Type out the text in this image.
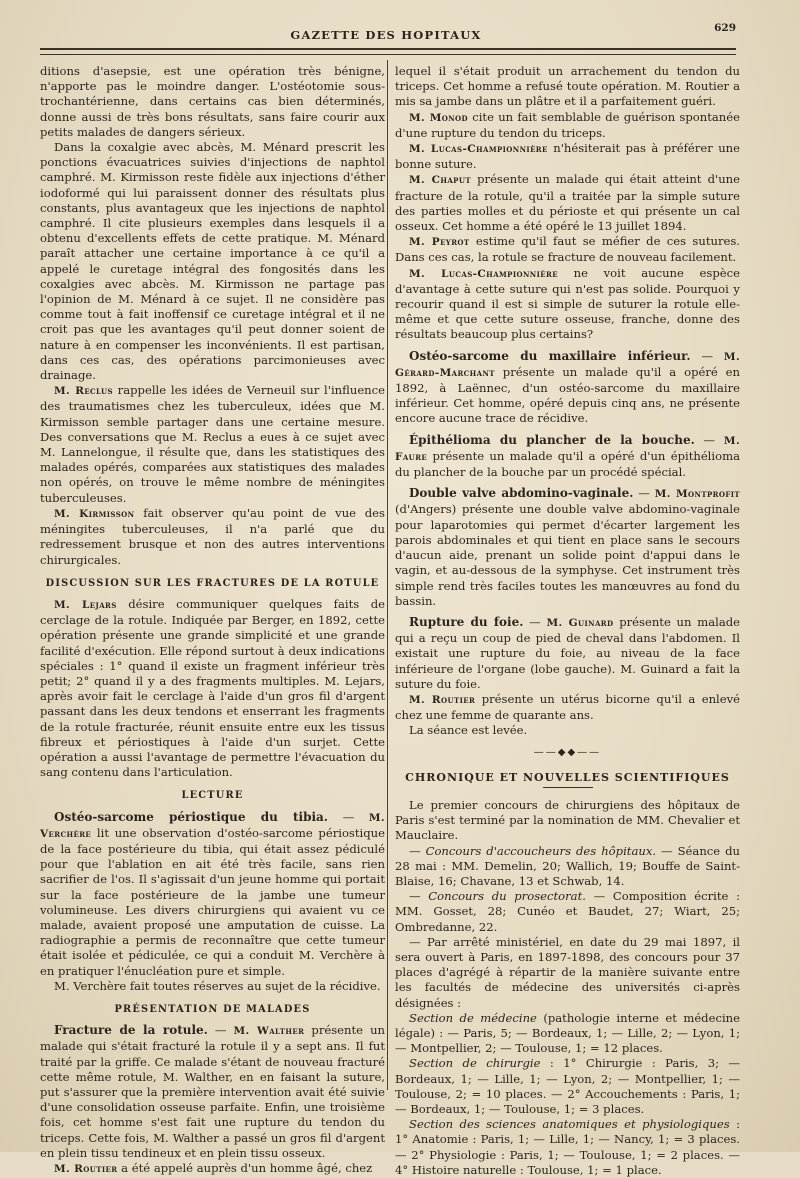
GAZETTE DES HOPITAUX	629

ditions d'asepsie, est une opération très bénigne, n'apporte pas le moindre danger. L'ostéotomie sous-trochantérienne, dans certains cas bien déterminés, donne aussi de très bons résultats, sans faire courir aux petits malades de dangers sérieux.

Dans la coxalgie avec abcès, M. Ménard prescrit les ponctions évacuatrices suivies d'injections de naphtol camphré. M. Kirmisson reste fidèle aux injections d'éther iodoformé qui lui paraissent donner des résultats plus constants, plus avantageux que les injections de naphtol camphré. Il cite plusieurs exemples dans lesquels il a obtenu d'excellents effets de cette pratique. M. Ménard paraît attacher une certaine importance à ce qu'il a appelé le curetage intégral des fongosités dans les coxalgies avec abcès. M. Kirmisson ne partage pas l'opinion de M. Ménard à ce sujet. Il ne considère pas comme tout à fait inoffensif ce curetage intégral et il ne croit pas que les avantages qu'il peut donner soient de nature à en compenser les inconvénients. Il est partisan, dans ces cas, des opérations parcimonieuses avec drainage.

M. Reclus rappelle les idées de Verneuil sur l'influence des traumatismes chez les tuberculeux, idées que M. Kirmisson semble partager dans une certaine mesure. Des conversations que M. Reclus a eues à ce sujet avec M. Lannelongue, il résulte que, dans les statistiques des malades opérés, comparées aux statistiques des malades non opérés, on trouve le même nombre de méningites tuberculeuses.

M. Kirmisson fait observer qu'au point de vue des méningites tuberculeuses, il n'a parlé que du redressement brusque et non des autres interventions chirurgicales.

DISCUSSION SUR LES FRACTURES DE LA ROTULE

M. Lejars désire communiquer quelques faits de cerclage de la rotule. Indiquée par Berger, en 1892, cette opération présente une grande simplicité et une grande facilité d'exécution. Elle répond surtout à deux indications spéciales : 1° quand il existe un fragment inférieur très petit; 2° quand il y a des fragments multiples. M. Lejars, après avoir fait le cerclage à l'aide d'un gros fil d'argent passant dans les deux tendons et enserrant les fragments de la rotule fracturée, réunit ensuite entre eux les tissus fibreux et périostiques à l'aide d'un surjet. Cette opération a aussi l'avantage de permettre l'évacuation du sang contenu dans l'articulation.

LECTURE

Ostéo-sarcome périostique du tibia. — M. Verchère lit une observation d'ostéo-sarcome périostique de la face postérieure du tibia, qui était assez pédiculé pour que l'ablation en ait été très facile, sans rien sacrifier de l'os. Il s'agissait d'un jeune homme qui portait sur la face postérieure de la jambe une tumeur volumineuse. Les divers chirurgiens qui avaient vu ce malade, avaient proposé une amputation de cuisse. La radiographie a permis de reconnaître que cette tumeur était isolée et pédiculée, ce qui a conduit M. Verchère à en pratiquer l'énucléation pure et simple.

M. Verchère fait toutes réserves au sujet de la récidive.

PRÉSENTATION DE MALADES

Fracture de la rotule. — M. Walther présente un malade qui s'était fracturé la rotule il y a sept ans. Il fut traité par la griffe. Ce malade s'étant de nouveau fracturé cette même rotule, M. Walther, en en faisant la suture, put s'assurer que la première intervention avait été suivie d'une consolidation osseuse parfaite. Enfin, une troisième fois, cet homme s'est fait une rupture du tendon du triceps. Cette fois, M. Walther a passé un gros fil d'argent en plein tissu tendineux et en plein tissu osseux.

M. Routier a été appelé auprès d'un homme âgé, chez

lequel il s'était produit un arrachement du tendon du triceps. Cet homme a refusé toute opération. M. Routier a mis sa jambe dans un plâtre et il a parfaitement guéri.

M. Monod cite un fait semblable de guérison spontanée d'une rupture du tendon du triceps.

M. Lucas-Championnière n'hésiterait pas à préférer une bonne suture.

M. Chaput présente un malade qui était atteint d'une fracture de la rotule, qu'il a traitée par la simple suture des parties molles et du périoste et qui présente un cal osseux. Cet homme a été opéré le 13 juillet 1894.

M. Peyrot estime qu'il faut se méfier de ces sutures. Dans ces cas, la rotule se fracture de nouveau facilement.

M. Lucas-Championnière ne voit aucune espèce d'avantage à cette suture qui n'est pas solide. Pourquoi y recourir quand il est si simple de suturer la rotule elle-même et que cette suture osseuse, franche, donne des résultats beaucoup plus certains?

Ostéo-sarcome du maxillaire inférieur. — M. Gérard-Marchant présente un malade qu'il a opéré en 1892, à Laënnec, d'un ostéo-sarcome du maxillaire inférieur. Cet homme, opéré depuis cinq ans, ne présente encore aucune trace de récidive.

Épithélioma du plancher de la bouche. — M. Faure présente un malade qu'il a opéré d'un épithélioma du plancher de la bouche par un procédé spécial.

Double valve abdomino-vaginale. — M. Montprofit (d'Angers) présente une double valve abdomino-vaginale pour laparotomies qui permet d'écarter largement les parois abdominales et qui tient en place sans le secours d'aucun aide, prenant un solide point d'appui dans le vagin, et au-dessous de la symphyse. Cet instrument très simple rend très faciles toutes les manœuvres au fond du bassin.

Rupture du foie. — M. Guinard présente un malade qui a reçu un coup de pied de cheval dans l'abdomen. Il existait une rupture du foie, au niveau de la face inférieure de l'organe (lobe gauche). M. Guinard a fait la suture du foie.

M. Routier présente un utérus bicorne qu'il a enlevé chez une femme de quarante ans.

La séance est levée.

——◆◆——
CHRONIQUE ET NOUVELLES SCIENTIFIQUES

Le premier concours de chirurgiens des hôpitaux de Paris s'est terminé par la nomination de MM. Chevalier et Mauclaire.

— Concours d'accoucheurs des hôpitaux. — Séance du 28 mai : MM. Demelin, 20; Wallich, 19; Bouffe de Saint-Blaise, 16; Chavane, 13 et Schwab, 14.

— Concours du prosectorat. — Composition écrite : MM. Gosset, 28; Cunéo et Baudet, 27; Wiart, 25; Ombredanne, 22.

— Par arrêté ministériel, en date du 29 mai 1897, il sera ouvert à Paris, en 1897-1898, des concours pour 37 places d'agrégé à répartir de la manière suivante entre les facultés de médecine des universités ci-après désignées :

Section de médecine (pathologie interne et médecine légale) : — Paris, 5; — Bordeaux, 1; — Lille, 2; — Lyon, 1; — Montpellier, 2; — Toulouse, 1; = 12 places.

Section de chirurgie : 1° Chirurgie : Paris, 3; — Bordeaux, 1; — Lille, 1; — Lyon, 2; — Montpellier, 1; — Toulouse, 2; = 10 places. — 2° Accouchements : Paris, 1; — Bordeaux, 1; — Toulouse, 1; = 3 places.

Section des sciences anatomiques et physiologiques : 1° Anatomie : Paris, 1; — Lille, 1; — Nancy, 1; = 3 places. — 2° Physiologie : Paris, 1; — Toulouse, 1; = 2 places. — 4° Histoire naturelle : Toulouse, 1; = 1 place.
